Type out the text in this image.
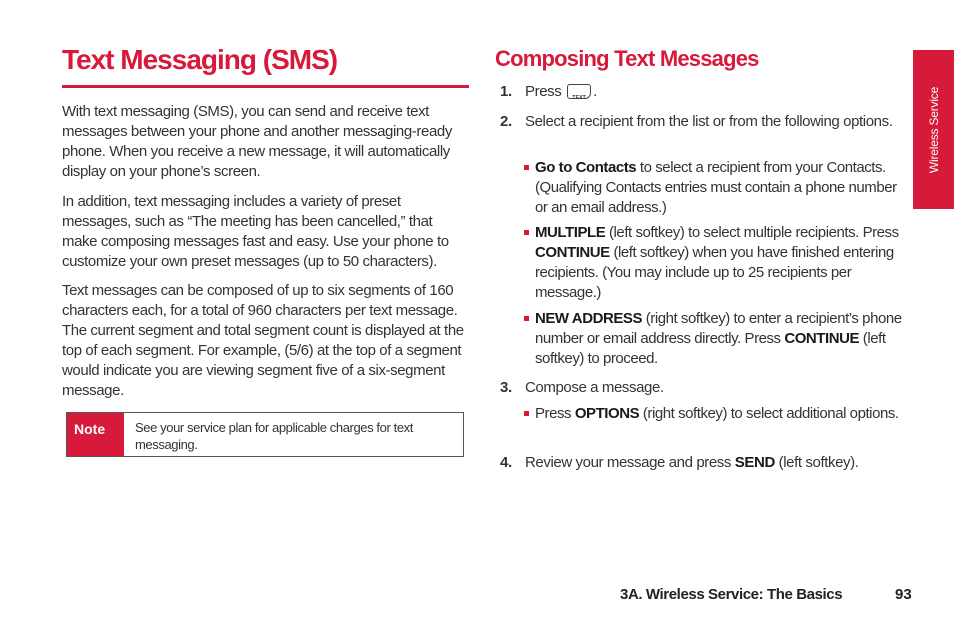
Text Messaging (SMS)

With text messaging (SMS), you can send and receive text messages between your phone and another messaging-ready phone. When you receive a new message, it will automatically display on your phone’s screen.

In addition, text messaging includes a variety of preset messages, such as “The meeting has been cancelled,” that make composing messages fast and easy. Use your phone to customize your own preset messages (up to 50 characters).

Text messages can be composed of up to six segments of 160 characters each, for a total of 960 characters per text message. The current segment and total segment count is displayed at the top of each segment. For example, (5/6) at the top of a segment would indicate you are viewing segment five of a six-segment message.

Note	See your service plan for applicable charges for text messaging.
Composing Text Messages
1. Press	TEXT .
2. Select a recipient from the list or from the following options.
Go to Contacts to select a recipient from your Contacts. (Qualifying Contacts entries must contain a phone number or an email address.)
MULTIPLE (left softkey) to select multiple recipients. Press CONTINUE (left softkey) when you have finished entering recipients. (You may include up to 25 recipients per message.)
NEW ADDRESS (right softkey) to enter a recipient’s phone number or email address directly. Press CONTINUE (left softkey) to proceed.
3. Compose a message.
Press OPTIONS (right softkey) to select additional options.
4. Review your message and press SEND (left softkey).
Wireless Service
3A. Wireless Service: The Basics	93
